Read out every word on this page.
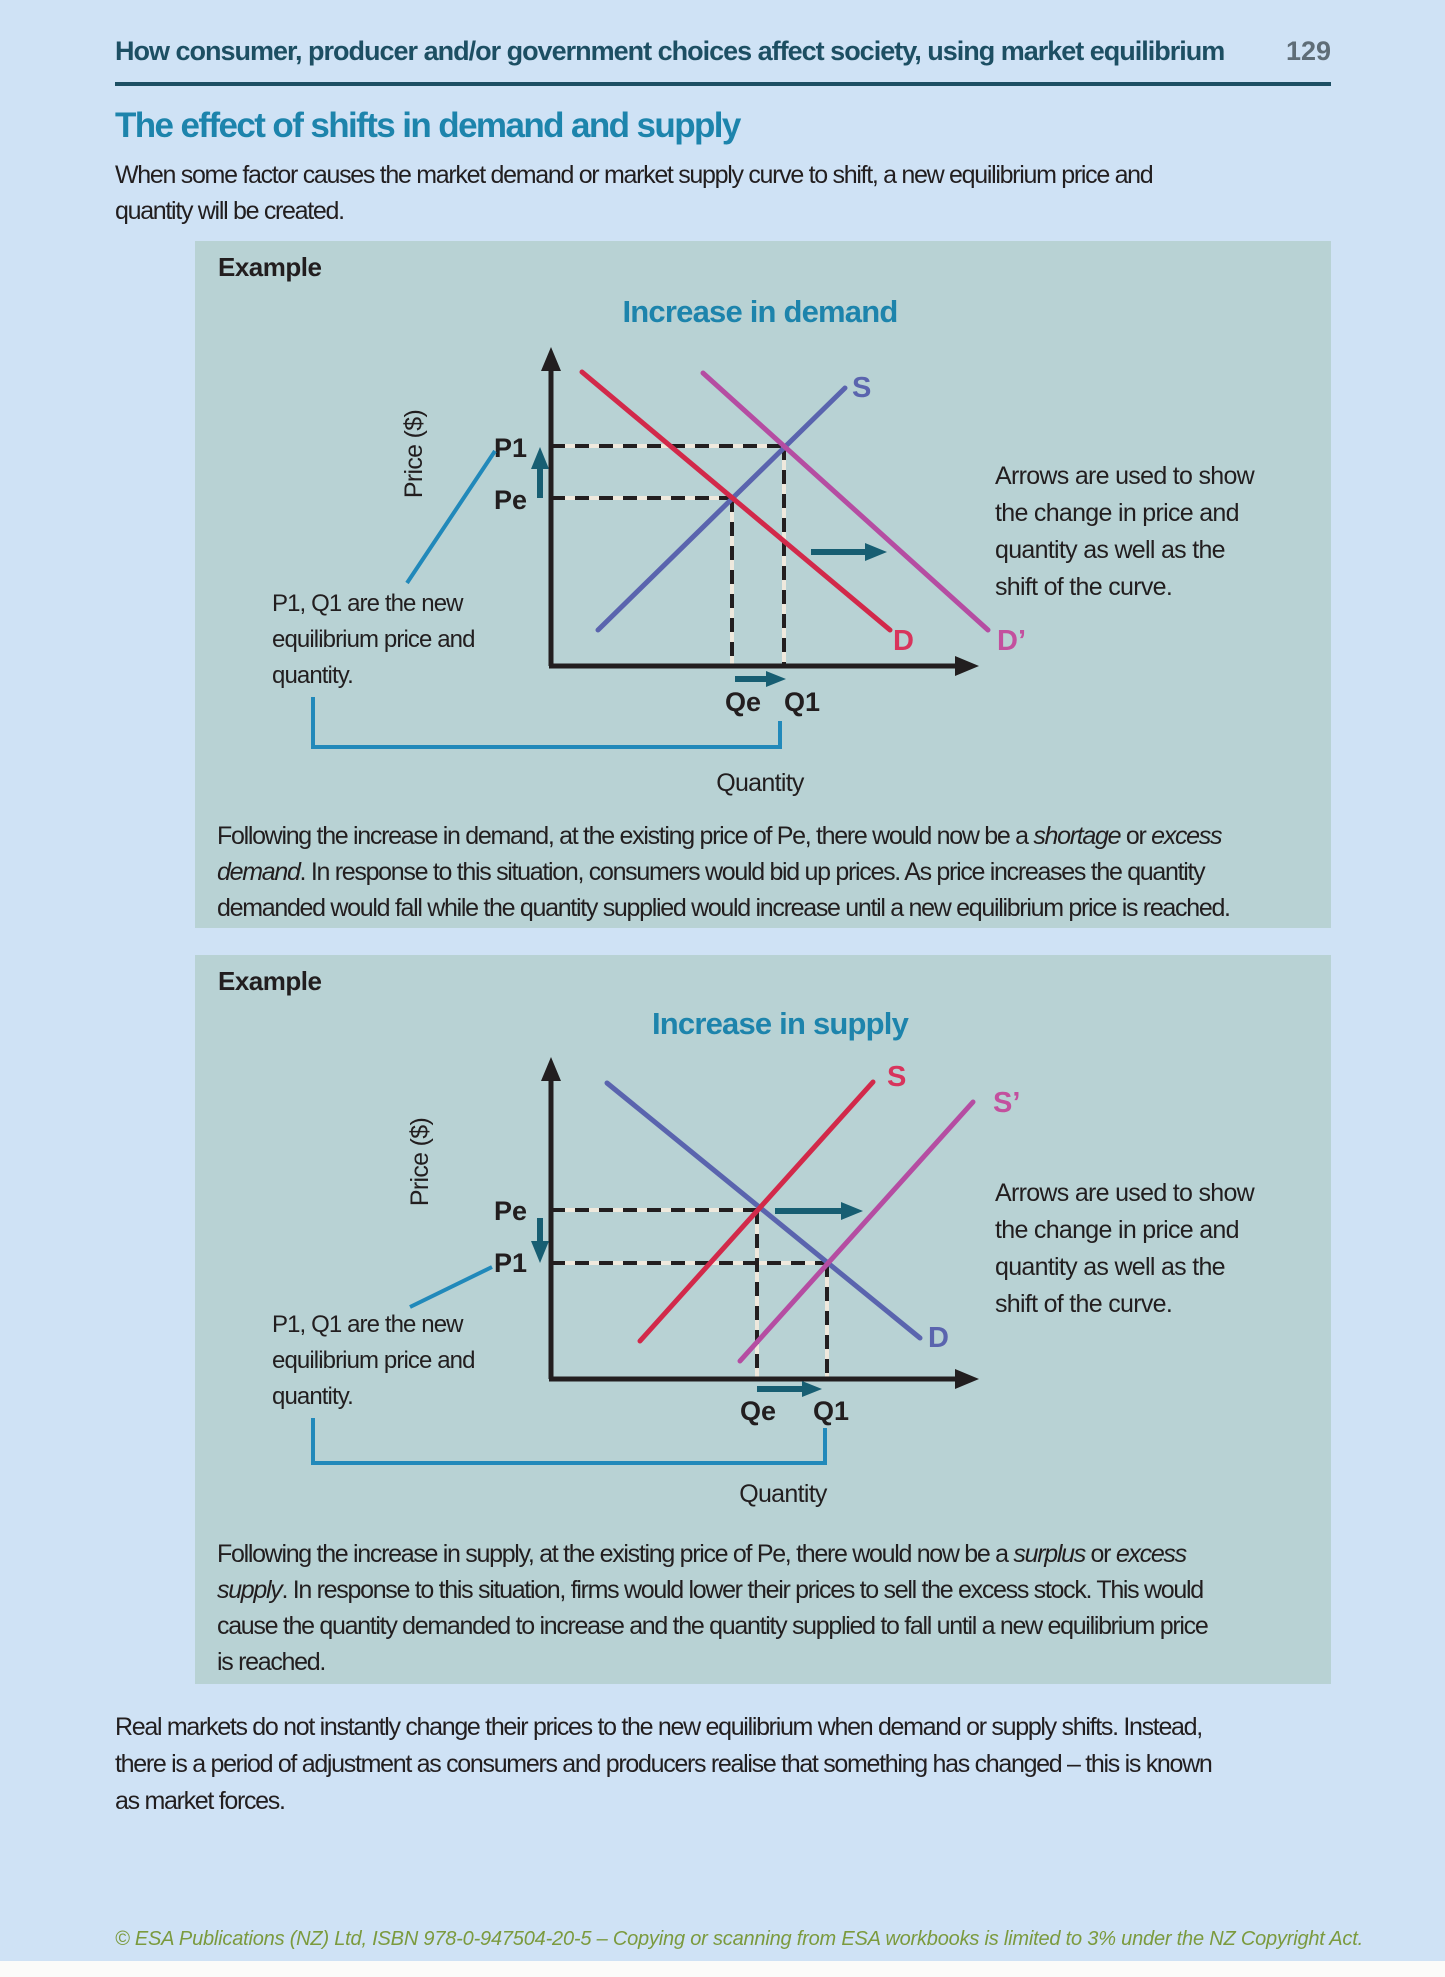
How consumer, producer and/or government choices affect society, using market equilibrium	129
The effect of shifts in demand and supply
When some factor causes the market demand or market supply curve to shift, a new equilibrium price and
quantity will be created.
Example
Increase in demand
S
D	D’
P1
Pe
Qe Q1
Price ($)
Quantity
P1, Q1 are the new
equilibrium price and
quantity.
Arrows are used to show
the change in price and
quantity as well as the
shift of the curve.
Following the increase in demand, at the existing price of Pe, there would now be a shortage or excess
demand. In response to this situation, consumers would bid up prices. As price increases the quantity
demanded would fall while the quantity supplied would increase until a new equilibrium price is reached.
Example
Increase in supply
D
S
S’
Pe
P1
Qe Q1
Price ($)
Quantity
P1, Q1 are the new
equilibrium price and
quantity.
Arrows are used to show
the change in price and
quantity as well as the
shift of the curve.
Following the increase in supply, at the existing price of Pe, there would now be a surplus or excess
supply. In response to this situation, firms would lower their prices to sell the excess stock. This would
cause the quantity demanded to increase and the quantity supplied to fall until a new equilibrium price
is reached.
Real markets do not instantly change their prices to the new equilibrium when demand or supply shifts. Instead,
there is a period of adjustment as consumers and producers realise that something has changed – this is known
as market forces.
© ESA Publications (NZ) Ltd, ISBN 978-0-947504-20-5 – Copying or scanning from ESA workbooks is limited to 3% under the NZ Copyright Act.
